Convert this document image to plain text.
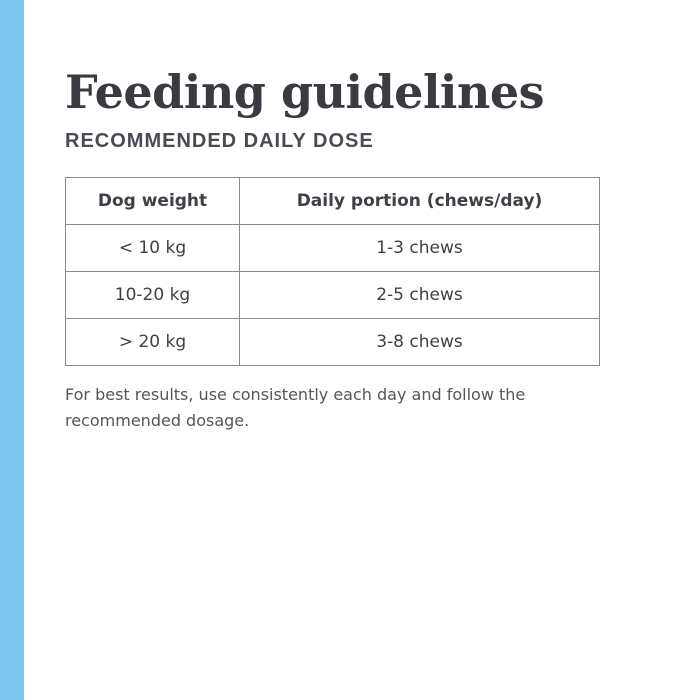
Feeding guidelines
RECOMMENDED DAILY DOSE
Dog weight	Daily portion (chews/day)
< 10 kg	1-3 chews
10-20 kg	2-5 chews
> 20 kg	3-8 chews

For best results, use consistently each day and follow the recommended dosage.
